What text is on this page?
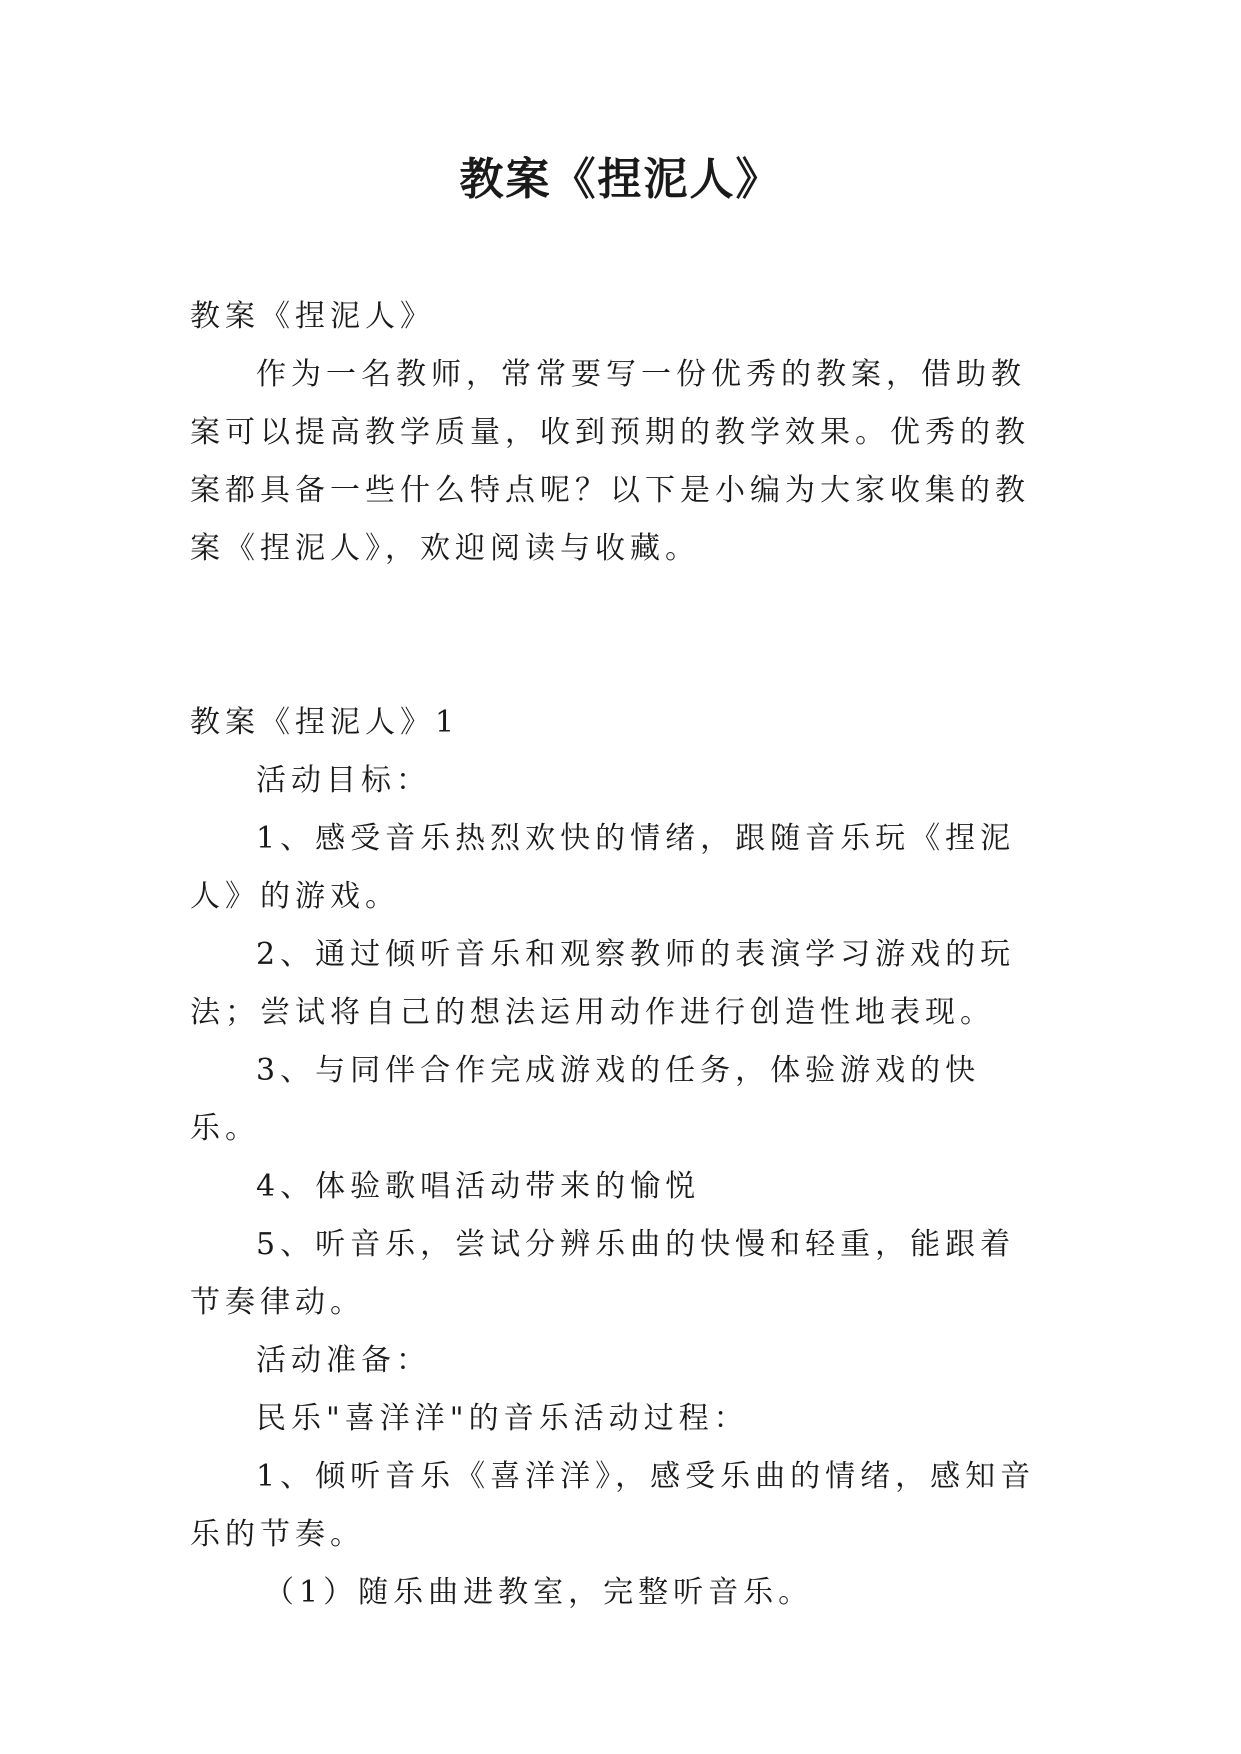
教案《捏泥人》

教案《捏泥人》

作为一名教师，常常要写一份优秀的教案，借助教案可以提高教学质量，收到预期的教学效果。优秀的教案都具备一些什么特点呢？以下是小编为大家收集的教案《捏泥人》，欢迎阅读与收藏。

教案《捏泥人》1

活动目标：

1、感受音乐热烈欢快的情绪，跟随音乐玩《捏泥人》的游戏。

2、通过倾听音乐和观察教师的表演学习游戏的玩法；尝试将自己的想法运用动作进行创造性地表现。

3、与同伴合作完成游戏的任务，体验游戏的快乐。

4、体验歌唱活动带来的愉悦

5、听音乐，尝试分辨乐曲的快慢和轻重，能跟着节奏律动。

活动准备：

民乐"喜洋洋"的音乐活动过程：

1、倾听音乐《喜洋洋》，感受乐曲的情绪，感知音乐的节奏。

（1）随乐曲进教室，完整听音乐。
